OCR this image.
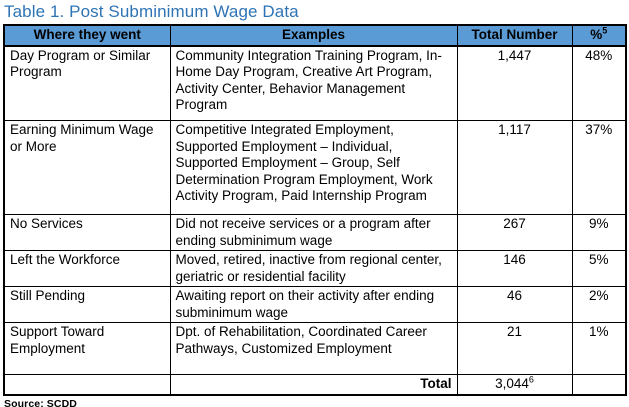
Table 1. Post Subminimum Wage Data
Where they went	Examples	Total Number	%$^5$
Day Program or Similar Program	Community Integration Training Program, In-Home Day Program, Creative Art Program, Activity Center, Behavior Management Program	1,447	48%
Earning Minimum Wage or More	Competitive Integrated Employment, Supported Employment – Individual, Supported Employment – Group, Self Determination Program Employment, Work Activity Program, Paid Internship Program	1,117	37%
No Services	Did not receive services or a program after ending subminimum wage	267	9%
Left the Workforce	Moved, retired, inactive from regional center, geriatric or residential facility	146	5%
Still Pending	Awaiting report on their activity after ending subminimum wage	46	2%
Support Toward Employment	Dpt. of Rehabilitation, Coordinated Career Pathways, Customized Employment	21	1%
	Total	3,044$^6$	
Source: SCDD
